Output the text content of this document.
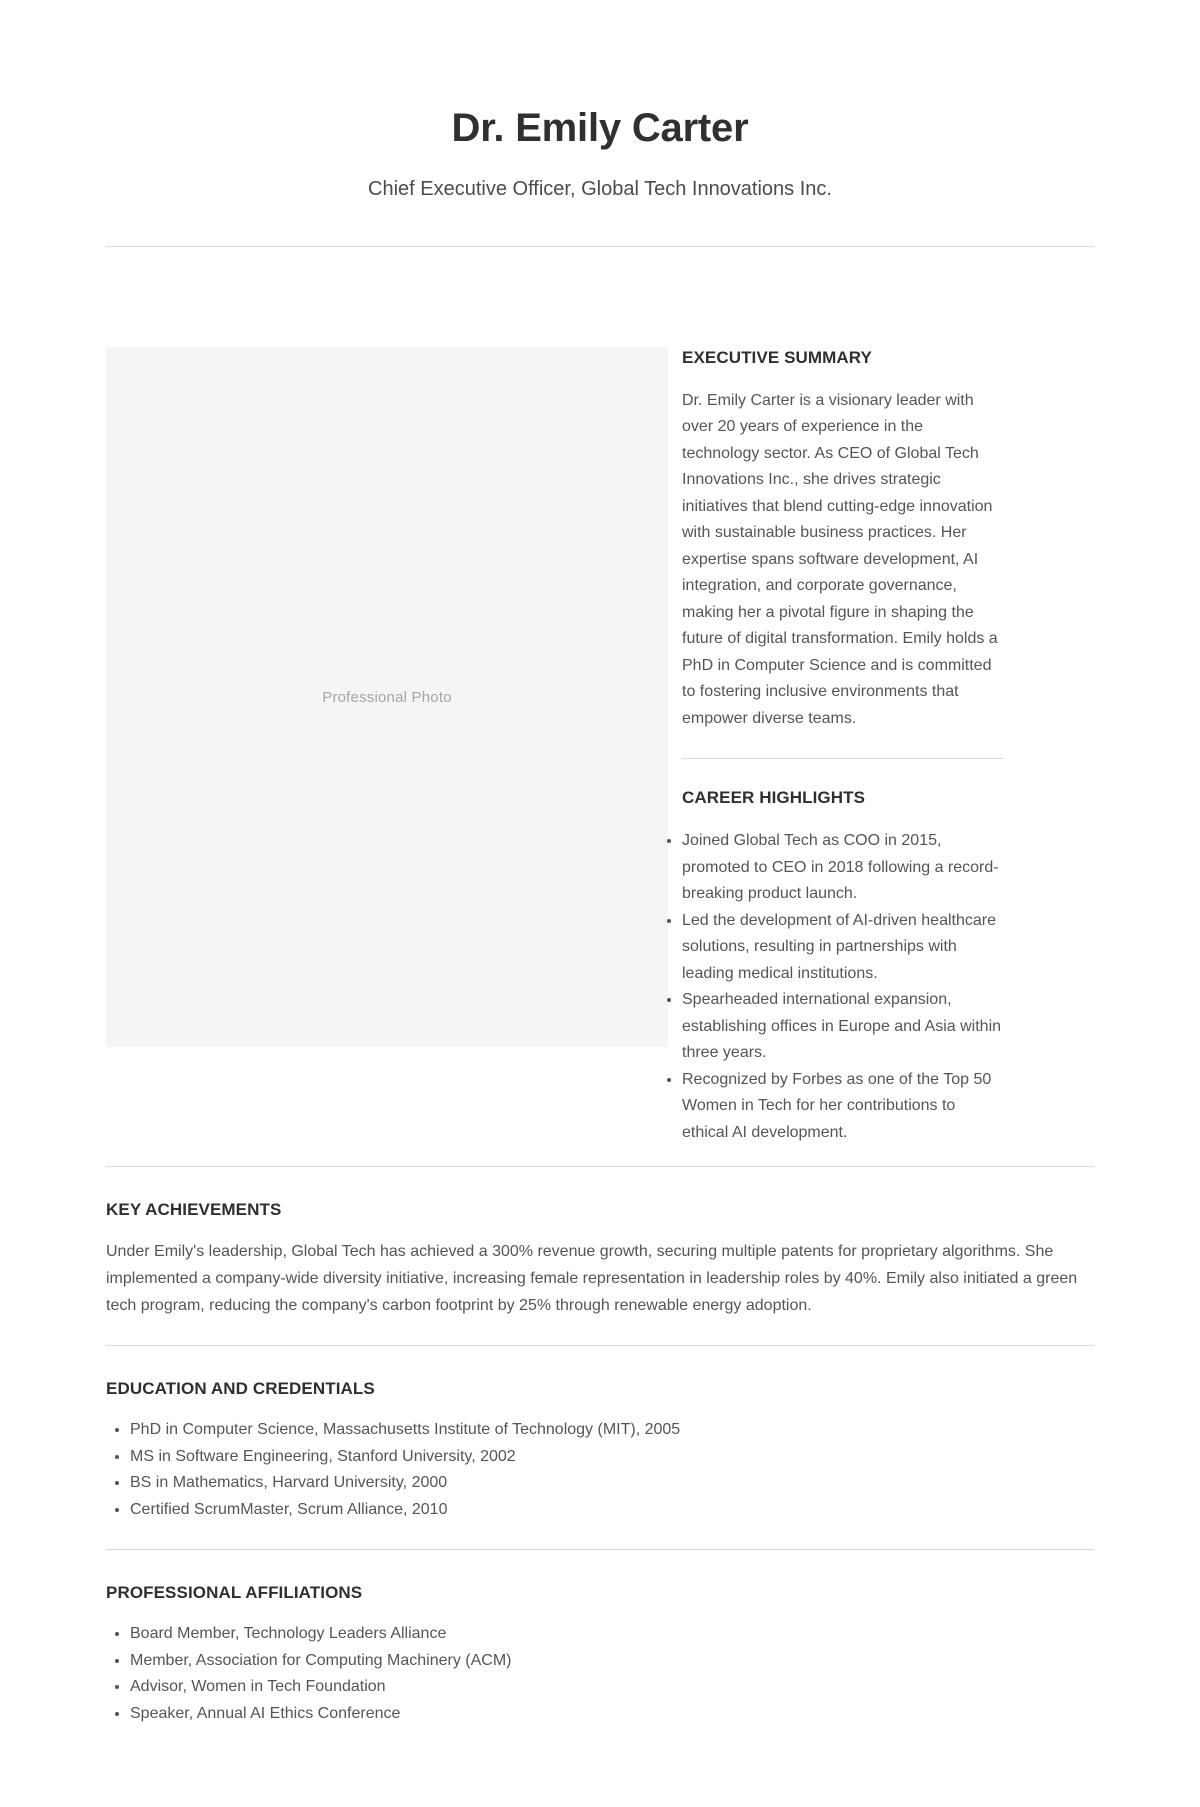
Dr. Emily Carter

Chief Executive Officer, Global Tech Innovations Inc.

Professional Photo
EXECUTIVE SUMMARY

Dr. Emily Carter is a visionary leader with over 20 years of experience in the technology sector. As CEO of Global Tech Innovations Inc., she drives strategic initiatives that blend cutting-edge innovation with sustainable business practices. Her expertise spans software development, AI integration, and corporate governance, making her a pivotal figure in shaping the future of digital transformation. Emily holds a PhD in Computer Science and is committed to fostering inclusive environments that empower diverse teams.

CAREER HIGHLIGHTS
• Joined Global Tech as COO in 2015, promoted to CEO in 2018 following a record-breaking product launch.
• Led the development of AI-driven healthcare solutions, resulting in partnerships with leading medical institutions.
• Spearheaded international expansion, establishing offices in Europe and Asia within three years.
• Recognized by Forbes as one of the Top 50 Women in Tech for her contributions to ethical AI development.
KEY ACHIEVEMENTS

Under Emily's leadership, Global Tech has achieved a 300% revenue growth, securing multiple patents for proprietary algorithms. She implemented a company-wide diversity initiative, increasing female representation in leadership roles by 40%. Emily also initiated a green tech program, reducing the company's carbon footprint by 25% through renewable energy adoption.

EDUCATION AND CREDENTIALS
• PhD in Computer Science, Massachusetts Institute of Technology (MIT), 2005
• MS in Software Engineering, Stanford University, 2002
• BS in Mathematics, Harvard University, 2000
• Certified ScrumMaster, Scrum Alliance, 2010
PROFESSIONAL AFFILIATIONS
• Board Member, Technology Leaders Alliance
• Member, Association for Computing Machinery (ACM)
• Advisor, Women in Tech Foundation
• Speaker, Annual AI Ethics Conference
